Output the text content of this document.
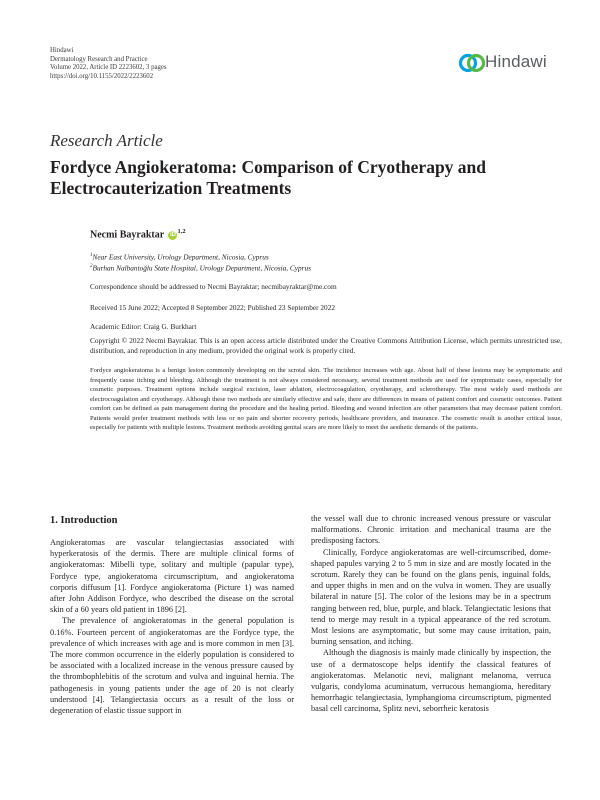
Hindawi
Dermatology Research and Practice
Volume 2022, Article ID 2223602, 3 pages
https://doi.org/10.1155/2022/2223602
Hindawi
Research Article
Fordyce Angiokeratoma: Comparison of Cryotherapy and Electrocauterization Treatments
Necmi Bayraktar iD$^{1,2}$
$^1$Near East University, Urology Department, Nicosia, Cyprus
$^2$Burhan Nalbantoğlu State Hospital, Urology Department, Nicosia, Cyprus
Correspondence should be addressed to Necmi Bayraktar; necmibayraktar@me.com
Received 15 June 2022; Accepted 8 September 2022; Published 23 September 2022
Academic Editor: Craig G. Burkhart
Copyright © 2022 Necmi Bayraktar. This is an open access article distributed under the Creative Commons Attribution License, which permits unrestricted use, distribution, and reproduction in any medium, provided the original work is properly cited.
Fordyce angiokeratoma is a benign lesion commonly developing on the scrotal skin. The incidence increases with age. About half of these lesions may be symptomatic and frequently cause itching and bleeding. Although the treatment is not always considered necessary, several treatment methods are used for symptomatic cases, especially for cosmetic purposes. Treatment options include surgical excision, laser ablation, electrocoagulation, cryotherapy, and sclerotherapy. The most widely used methods are electrocoagulation and cryotherapy. Although these two methods are similarly effective and safe, there are differences in means of patient comfort and cosmetic outcomes. Patient comfort can be defined as pain management during the procedure and the healing period. Bleeding and wound infection are other parameters that may decrease patient comfort. Patients would prefer treatment methods with less or no pain and shorter recovery periods, healthcare providers, and insurance. The cosmetic result is another critical issue, especially for patients with multiple lesions. Treatment methods avoiding genital scars are more likely to meet the aesthetic demands of the patients.
1. Introduction

Angiokeratomas are vascular telangiectasias associated with hyperkeratosis of the dermis. There are multiple clinical forms of angiokeratomas: Mibelli type, solitary and multiple (papular type), Fordyce type, angiokeratoma circumscriptum, and angiokeratoma corporis diffusum [1]. Fordyce angiokeratoma (Picture 1) was named after John Addison Fordyce, who described the disease on the scrotal skin of a 60 years old patient in 1896 [2].

The prevalence of angiokeratomas in the general population is 0.16%. Fourteen percent of angiokeratomas are the Fordyce type, the prevalence of which increases with age and is more common in men [3]. The more common occurrence in the elderly population is considered to be associated with a localized increase in the venous pressure caused by the thrombophlebitis of the scrotum and vulva and inguinal hernia. The pathogenesis in young patients under the age of 20 is not clearly understood [4]. Telangiectasia occurs as a result of the loss or degeneration of elastic tissue support in

the vessel wall due to chronic increased venous pressure or vascular malformations. Chronic irritation and mechanical trauma are the predisposing factors.

Clinically, Fordyce angiokeratomas are well-circumscribed, dome-shaped papules varying 2 to 5 mm in size and are mostly located in the scrotum. Rarely they can be found on the glans penis, inguinal folds, and upper thighs in men and on the vulva in women. They are usually bilateral in nature [5]. The color of the lesions may be in a spectrum ranging between red, blue, purple, and black. Telangiectatic lesions that tend to merge may result in a typical appearance of the red scrotum. Most lesions are asymptomatic, but some may cause irritation, pain, burning sensation, and itching.

Although the diagnosis is mainly made clinically by inspection, the use of a dermatoscope helps identify the classical features of angiokeratomas. Melanotic nevi, malignant melanoma, verruca vulgaris, condyloma acuminatum, verrucous hemangioma, hereditary hemorrhagic telangiectasia, lymphangioma circumscriptum, pigmented basal cell carcinoma, Splitz nevi, seborrheic keratosis
